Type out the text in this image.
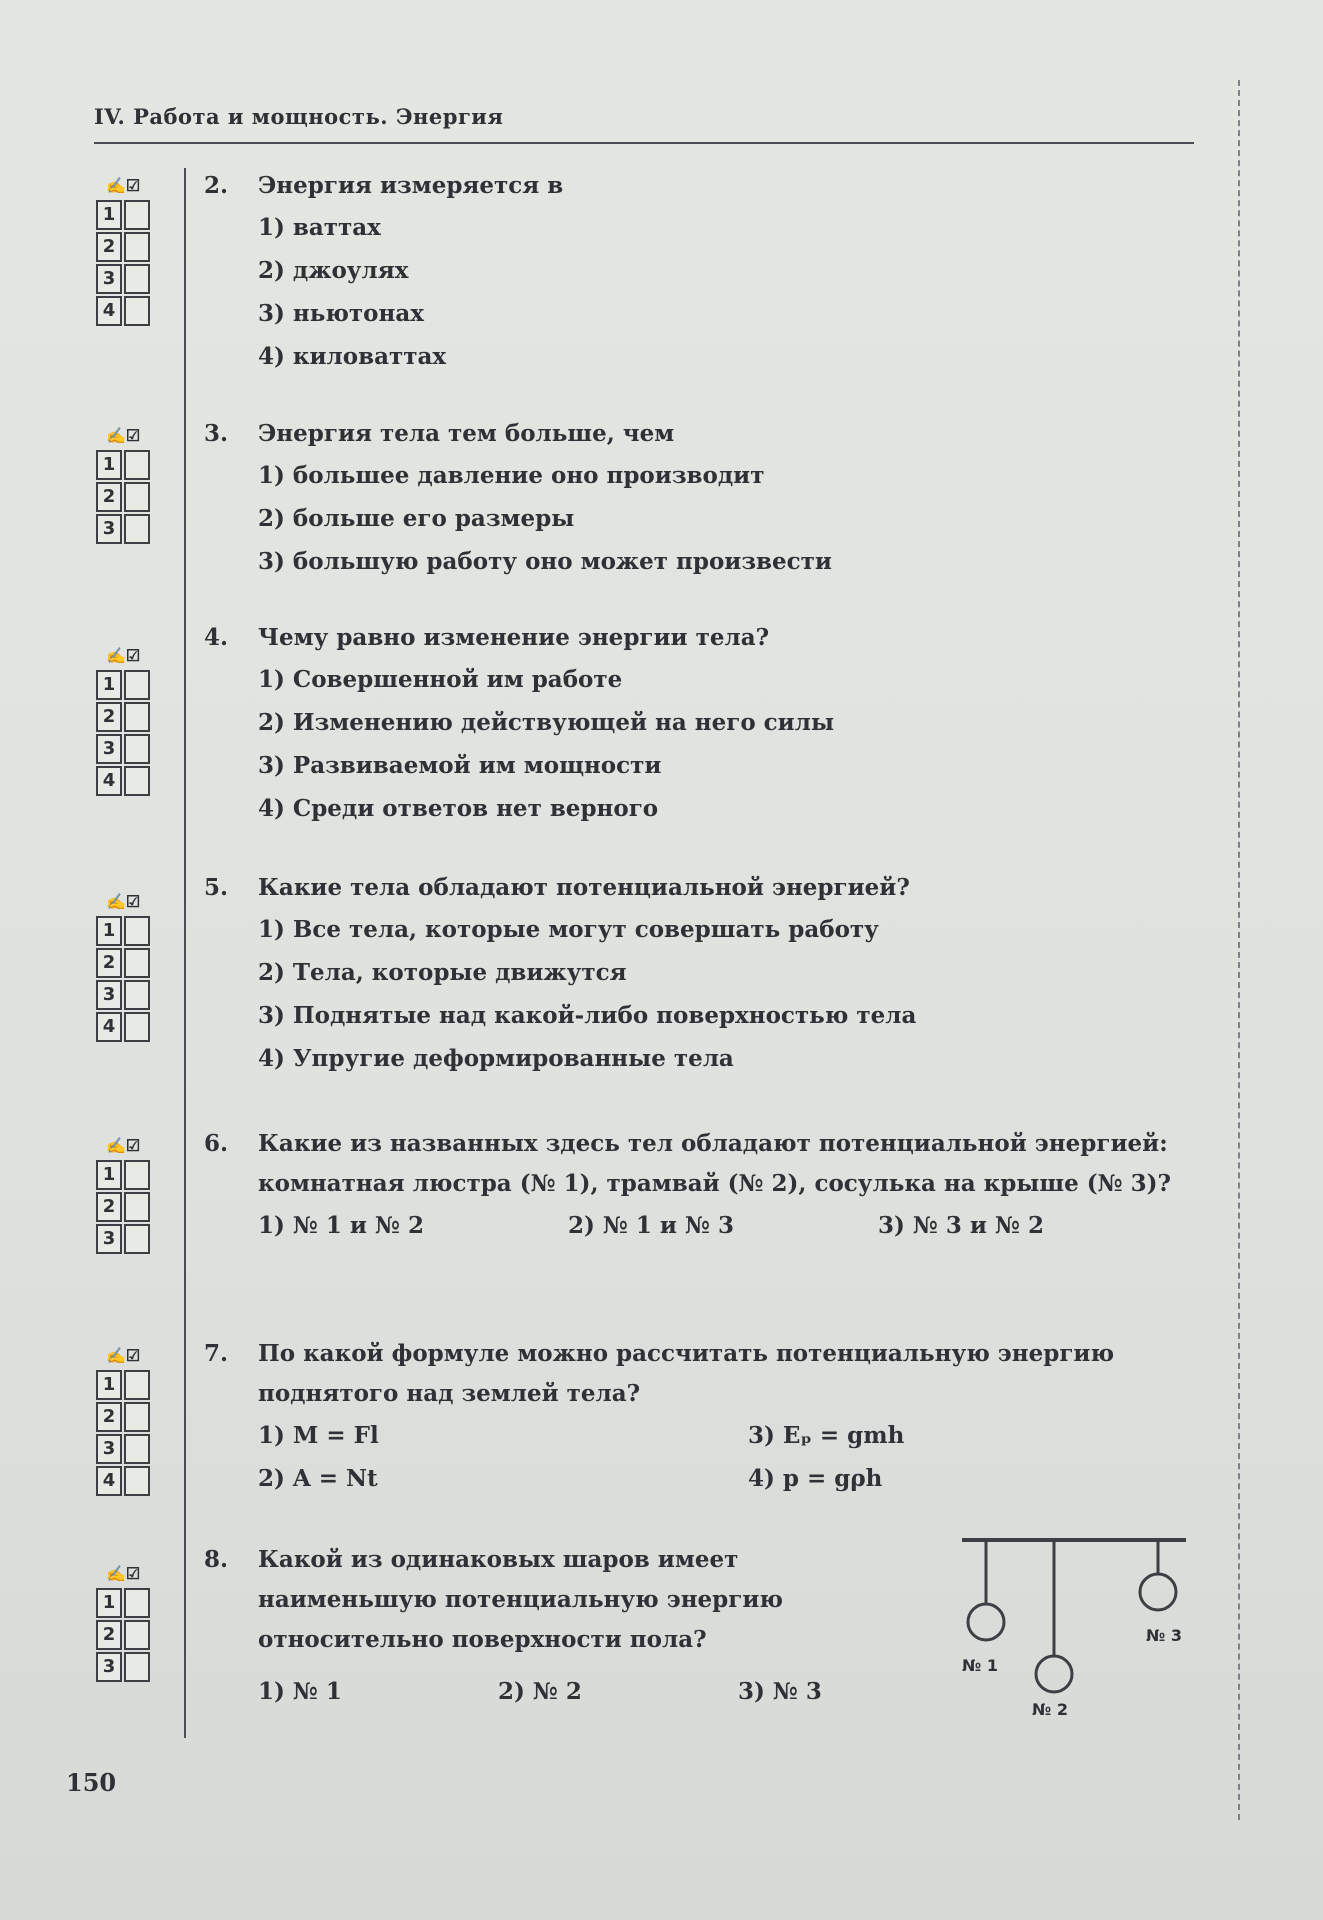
IV. Работа и мощность. Энергия
✍☑
1
2
3
4
2.	Энергия измеряется в
1) ваттах
2) джоулях
3) ньютонах
4) киловаттах
✍☑
1
2
3
3.	Энергия тела тем больше, чем
1) большее давление оно производит
2) больше его размеры
3) большую работу оно может произвести
✍☑
1
2
3
4
4.	Чему равно изменение энергии тела?
1) Совершенной им работе
2) Изменению действующей на него силы
3) Развиваемой им мощности
4) Среди ответов нет верного
✍☑
1
2
3
4
5.	Какие тела обладают потенциальной энергией?
1) Все тела, которые могут совершать работу
2) Тела, которые движутся
3) Поднятые над какой-либо поверхностью тела
4) Упругие деформированные тела
✍☑
1
2
3
6.	Какие из названных здесь тел обладают потенциальной энергией: комнатная люстра (№ 1), трамвай (№ 2), сосулька на крыше (№ 3)?
1) № 1 и № 2	2) № 1 и № 3	3) № 3 и № 2
✍☑
1
2
3
4
7.	По какой формуле можно рассчитать потенциальную энергию поднятого над землей тела?
1) M = Fl	3) Eₚ = gmh
2) A = Nt	4) p = gρh
✍☑
1
2
3
8.	Какой из одинаковых шаров имеет наименьшую потенциальную энергию относительно поверхности пола?
1) № 1	2) № 2	3) № 3
№ 1
№ 2
№ 3
150
